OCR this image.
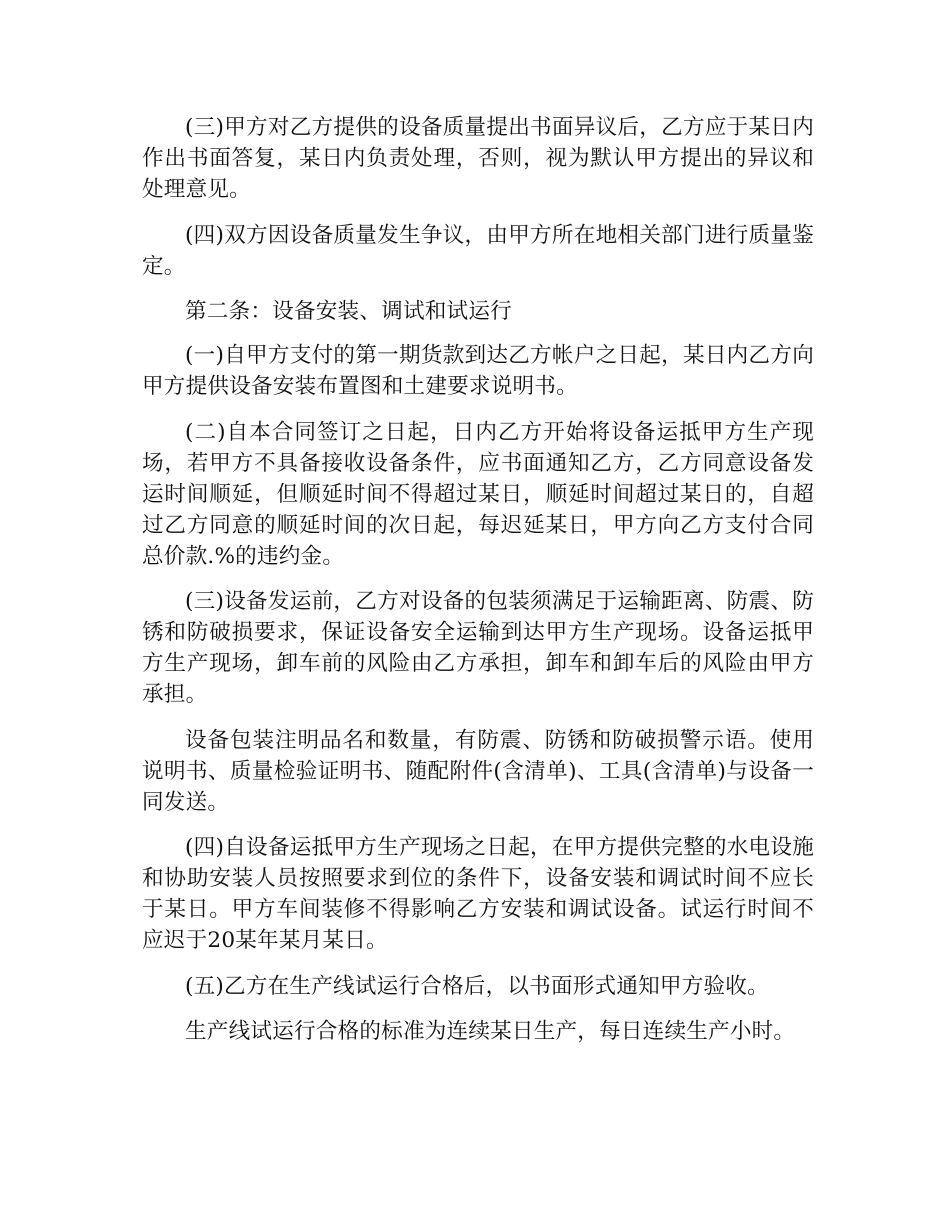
(三)甲方对乙方提供的设备质量提出书面异议后，乙方应于某日内作出书面答复，某日内负责处理，否则，视为默认甲方提出的异议和处理意见。

(四)双方因设备质量发生争议，由甲方所在地相关部门进行质量鉴定。

第二条：设备安装、调试和试运行

(一)自甲方支付的第一期货款到达乙方帐户之日起，某日内乙方向甲方提供设备安装布置图和土建要求说明书。

(二)自本合同签订之日起，日内乙方开始将设备运抵甲方生产现场，若甲方不具备接收设备条件，应书面通知乙方，乙方同意设备发运时间顺延，但顺延时间不得超过某日，顺延时间超过某日的，自超过乙方同意的顺延时间的次日起，每迟延某日，甲方向乙方支付合同总价款.%的违约金。

(三)设备发运前，乙方对设备的包装须满足于运输距离、防震、防锈和防破损要求，保证设备安全运输到达甲方生产现场。设备运抵甲方生产现场，卸车前的风险由乙方承担，卸车和卸车后的风险由甲方承担。

设备包装注明品名和数量，有防震、防锈和防破损警示语。使用说明书、质量检验证明书、随配附件(含清单)、工具(含清单)与设备一同发送。

(四)自设备运抵甲方生产现场之日起，在甲方提供完整的水电设施和协助安装人员按照要求到位的条件下，设备安装和调试时间不应长于某日。甲方车间装修不得影响乙方安装和调试设备。试运行时间不应迟于20某年某月某日。

(五)乙方在生产线试运行合格后，以书面形式通知甲方验收。

生产线试运行合格的标准为连续某日生产，每日连续生产小时。
